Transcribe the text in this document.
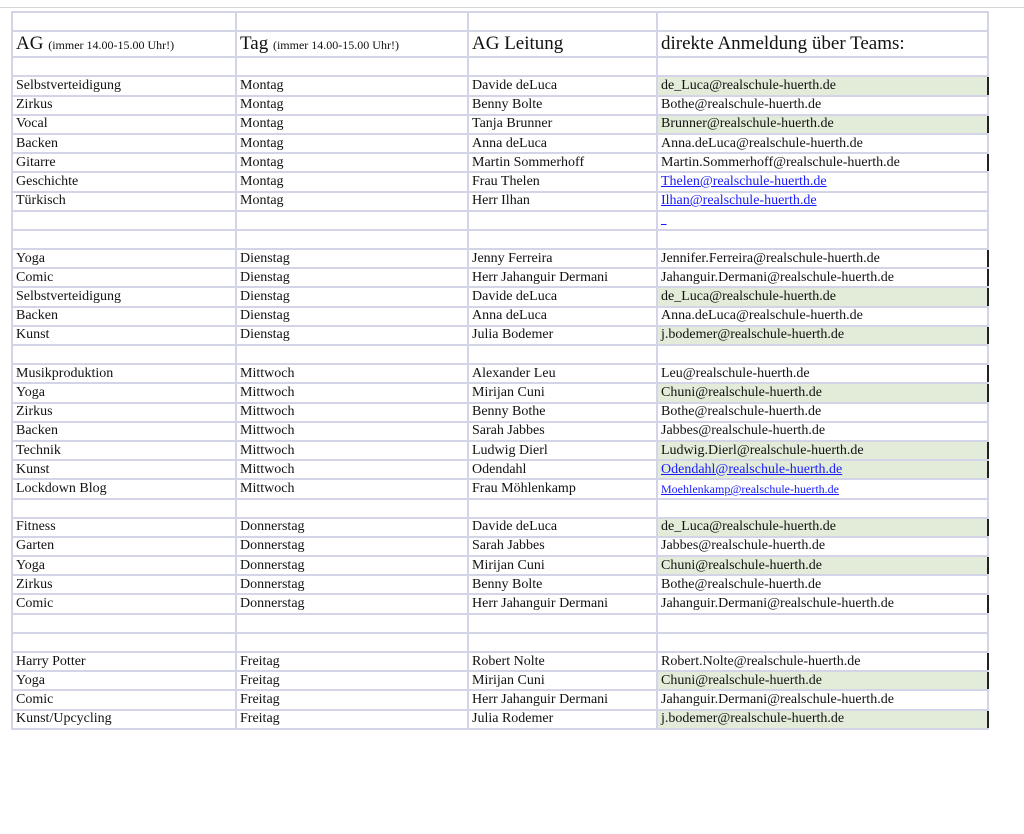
AG (immer 14.00-15.00 Uhr!)	Tag (immer 14.00-15.00 Uhr!)	AG Leitung	direkte Anmeldung über Teams:

Selbstverteidigung	Montag	Davide deLuca	de_Luca@realschule-huerth.de
Zirkus	Montag	Benny Bolte	Bothe@realschule-huerth.de
Vocal	Montag	Tanja Brunner	Brunner@realschule-huerth.de
Backen	Montag	Anna deLuca	Anna.deLuca@realschule-huerth.de
Gitarre	Montag	Martin Sommerhoff	Martin.Sommerhoff@realschule-huerth.de
Geschichte	Montag	Frau Thelen	Thelen@realschule-huerth.de
Türkisch	Montag	Herr Ilhan	Ilhan@realschule-huerth.de
			_

Yoga	Dienstag	Jenny Ferreira	Jennifer.Ferreira@realschule-huerth.de
Comic	Dienstag	Herr Jahanguir Dermani	Jahanguir.Dermani@realschule-huerth.de
Selbstverteidigung	Dienstag	Davide deLuca	de_Luca@realschule-huerth.de
Backen	Dienstag	Anna deLuca	Anna.deLuca@realschule-huerth.de
Kunst	Dienstag	Julia Bodemer	j.bodemer@realschule-huerth.de

Musikproduktion	Mittwoch	Alexander Leu	Leu@realschule-huerth.de
Yoga	Mittwoch	Mirijan Cuni	Chuni@realschule-huerth.de
Zirkus	Mittwoch	Benny Bothe	Bothe@realschule-huerth.de
Backen	Mittwoch	Sarah Jabbes	Jabbes@realschule-huerth.de
Technik	Mittwoch	Ludwig Dierl	Ludwig.Dierl@realschule-huerth.de
Kunst	Mittwoch	Odendahl	Odendahl@realschule-huerth.de
Lockdown Blog	Mittwoch	Frau Möhlenkamp	Moehlenkamp@realschule-huerth.de

Fitness	Donnerstag	Davide deLuca	de_Luca@realschule-huerth.de
Garten	Donnerstag	Sarah Jabbes	Jabbes@realschule-huerth.de
Yoga	Donnerstag	Mirijan Cuni	Chuni@realschule-huerth.de
Zirkus	Donnerstag	Benny Bolte	Bothe@realschule-huerth.de
Comic	Donnerstag	Herr Jahanguir Dermani	Jahanguir.Dermani@realschule-huerth.de

Harry Potter	Freitag	Robert Nolte	Robert.Nolte@realschule-huerth.de
Yoga	Freitag	Mirijan Cuni	Chuni@realschule-huerth.de
Comic	Freitag	Herr Jahanguir Dermani	Jahanguir.Dermani@realschule-huerth.de
Kunst/Upcycling	Freitag	Julia Rodemer	j.bodemer@realschule-huerth.de
